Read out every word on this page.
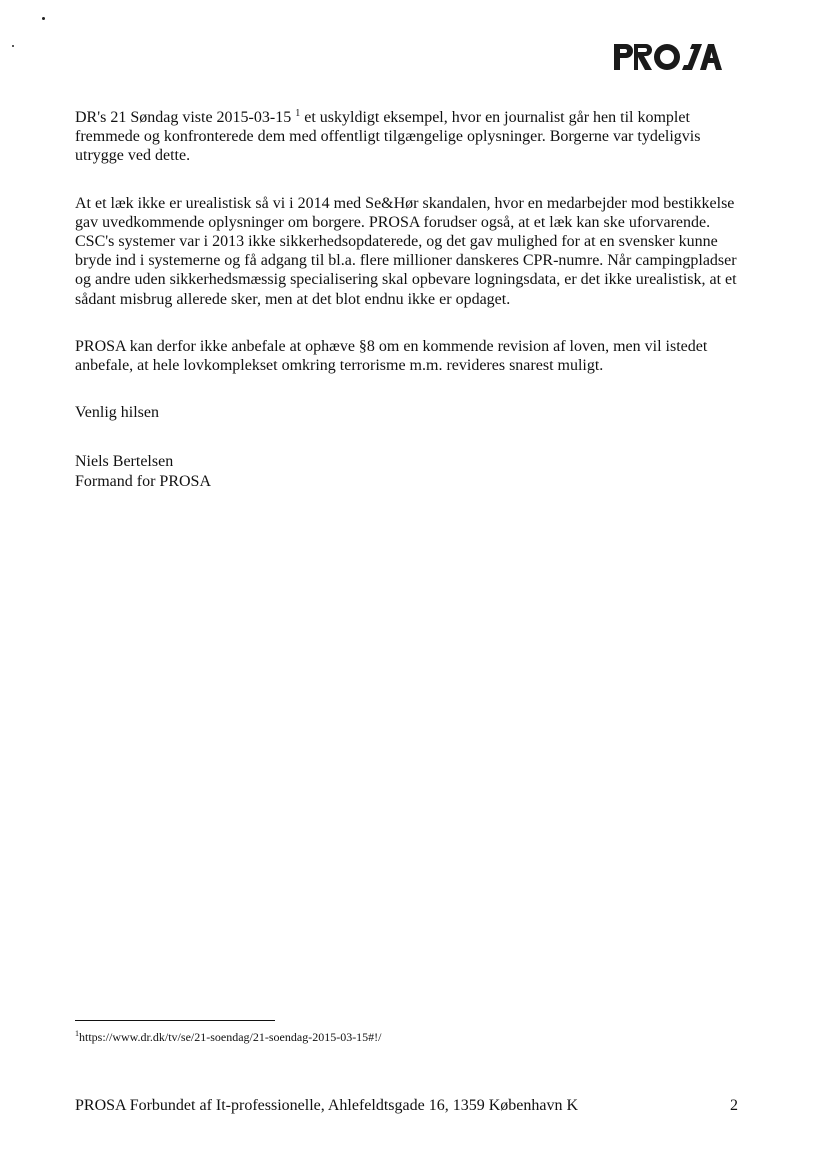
DR's 21 Søndag viste 2015-03-15 $^1$ et uskyldigt eksempel, hvor en journalist går hen til komplet fremmede og konfronterede dem med offentligt tilgængelige oplysninger. Borgerne var tydeligvis utrygge ved dette.

At et læk ikke er urealistisk så vi i 2014 med Se&Hør skandalen, hvor en medarbejder mod bestikkelse gav uvedkommende oplysninger om borgere. PROSA forudser også, at et læk kan ske uforvarende. CSC's systemer var i 2013 ikke sikkerhedsopdaterede, og det gav mulighed for at en svensker kunne bryde ind i systemerne og få adgang til bl.a. flere millioner danskeres CPR-numre. Når campingpladser og andre uden sikkerhedsmæssig specialisering skal opbevare logningsdata, er det ikke urealistisk, at et sådant misbrug allerede sker, men at det blot endnu ikke er opdaget.

PROSA kan derfor ikke anbefale at ophæve §8 om en kommende revision af loven, men vil istedet anbefale, at hele lovkomplekset omkring terrorisme m.m. revideres snarest muligt.

Venlig hilsen

Niels Bertelsen
Formand for PROSA
$^1$https://www.dr.dk/tv/se/21-soendag/21-soendag-2015-03-15#!/
PROSA Forbundet af It-professionelle, Ahlefeldtsgade 16, 1359 København K	2
